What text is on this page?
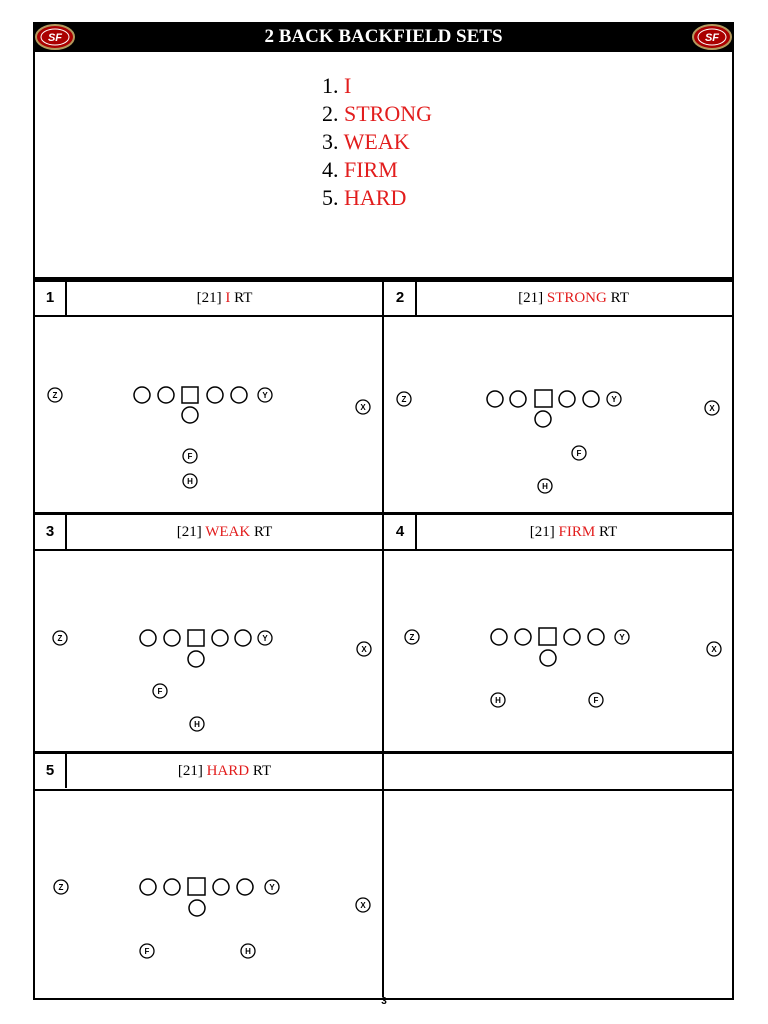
SF	2 BACK BACKFIELD SETS	SF
1. I
2. STRONG
3. WEAK
4. FIRM
5. HARD
1	[21] I RT	2	[21] STRONG RT
3	[21] WEAK RT	4	[21] FIRM RT
5	[21] HARD RT
Y
Z
X
F
H
Y
Z
X
F
H
Y
Z
X
F
H
Y
Z
X
H	F
Y
Z
X
F	H
3
